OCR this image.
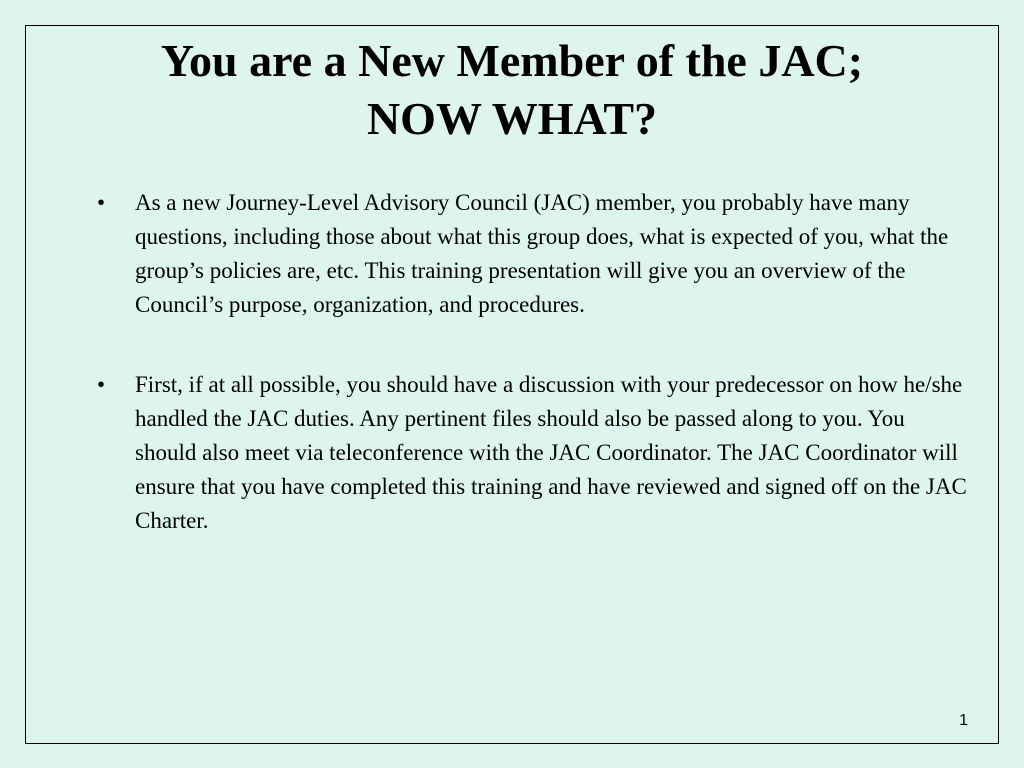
You are a New Member of the JAC;
NOW WHAT?
• As a new Journey-Level Advisory Council (JAC) member, you probably have many questions, including those about what this group does, what is expected of you, what the group’s policies are, etc. This training presentation will give you an overview of the Council’s purpose, organization, and procedures.
• First, if at all possible, you should have a discussion with your predecessor on how he/she handled the JAC duties. Any pertinent files should also be passed along to you. You should also meet via teleconference with the JAC Coordinator. The JAC Coordinator will ensure that you have completed this training and have reviewed and signed off on the JAC Charter.
1
